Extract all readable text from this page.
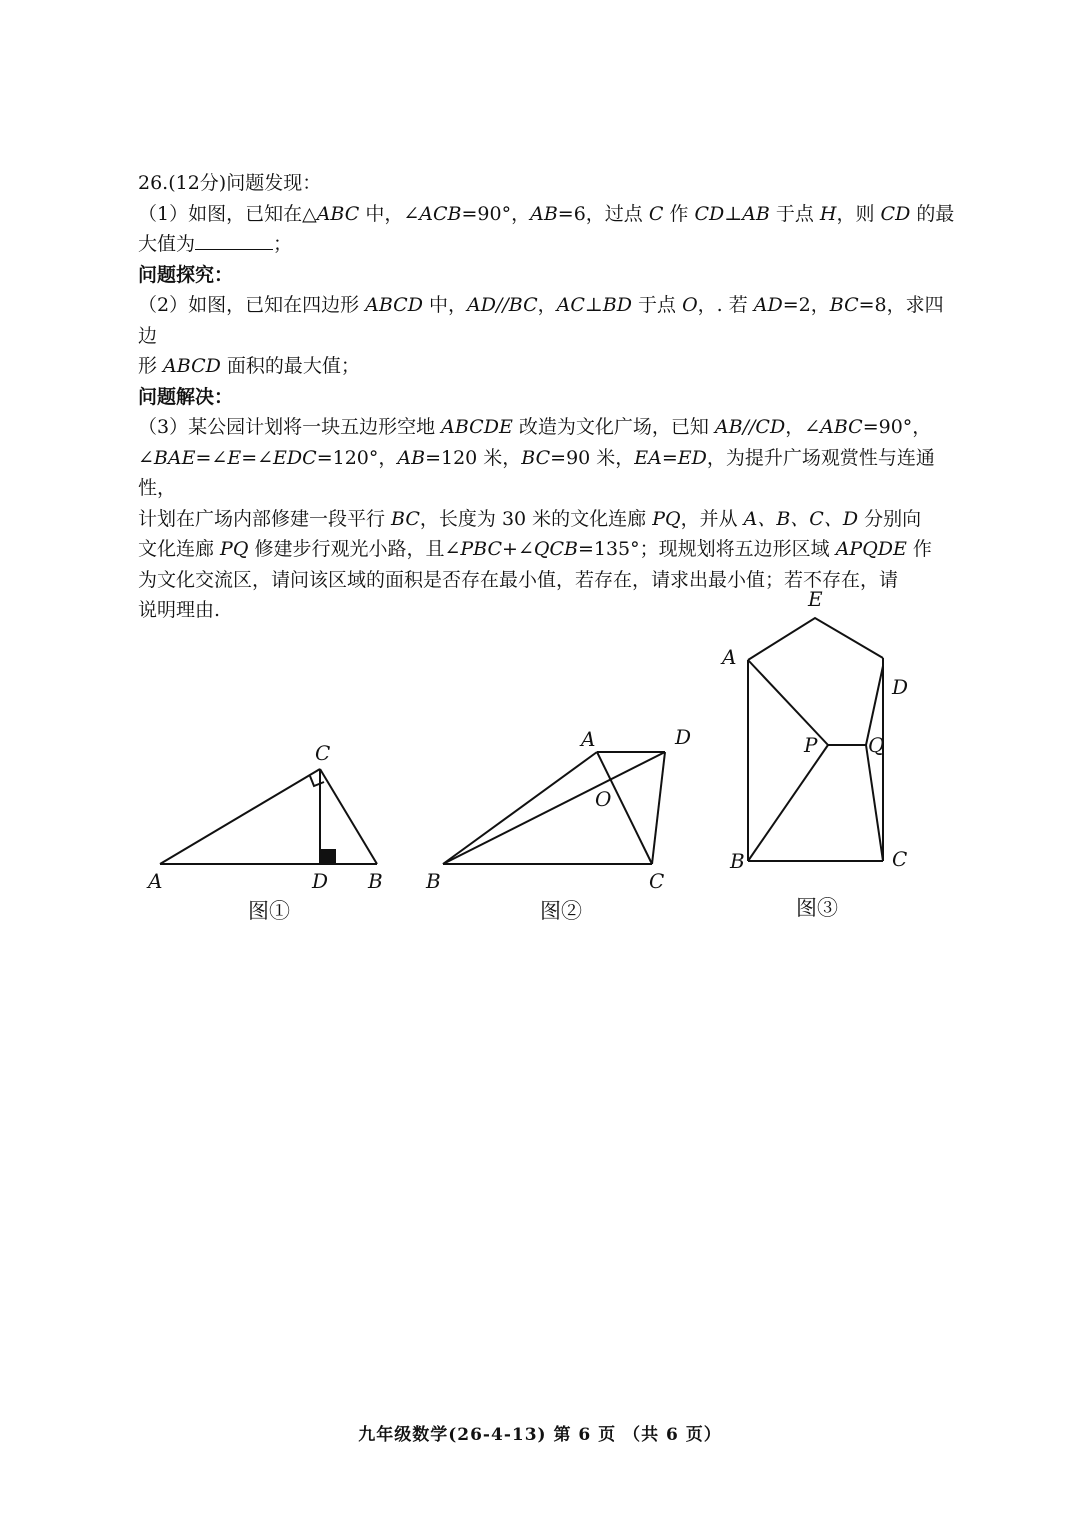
26.(12分)问题发现：

（1）如图，已知在△ABC 中，∠ACB=90°，AB=6，过点 C 作 CD⊥AB 于点 H，则 CD 的最

大值为	；

问题探究：

（2）如图，已知在四边形 ABCD 中，AD//BC，AC⊥BD 于点 O，. 若 AD=2，BC=8，求四边

形 ABCD 面积的最大值；

问题解决：

（3）某公园计划将一块五边形空地 ABCDE 改造为文化广场，已知 AB//CD，∠ABC=90°，

∠BAE=∠E=∠EDC=120°，AB=120 米，BC=90 米，EA=ED，为提升广场观赏性与连通性，

计划在广场内部修建一段平行 BC，长度为 30 米的文化连廊 PQ，并从 A、B、C、D 分别向

文化连廊 PQ 修建步行观光小路，且∠PBC+∠QCB=135°；现规划将五边形区域 APQDE 作

为文化交流区，请问该区域的面积是否存在最小值，若存在，请求出最小值；若不存在，请

说明理由.

C
A	D B
图①
A	D
O
B	C
图②
E
A
D
P	Q
B	C
图③
九年级数学(26-4-13) 第 6 页 （共 6 页）
